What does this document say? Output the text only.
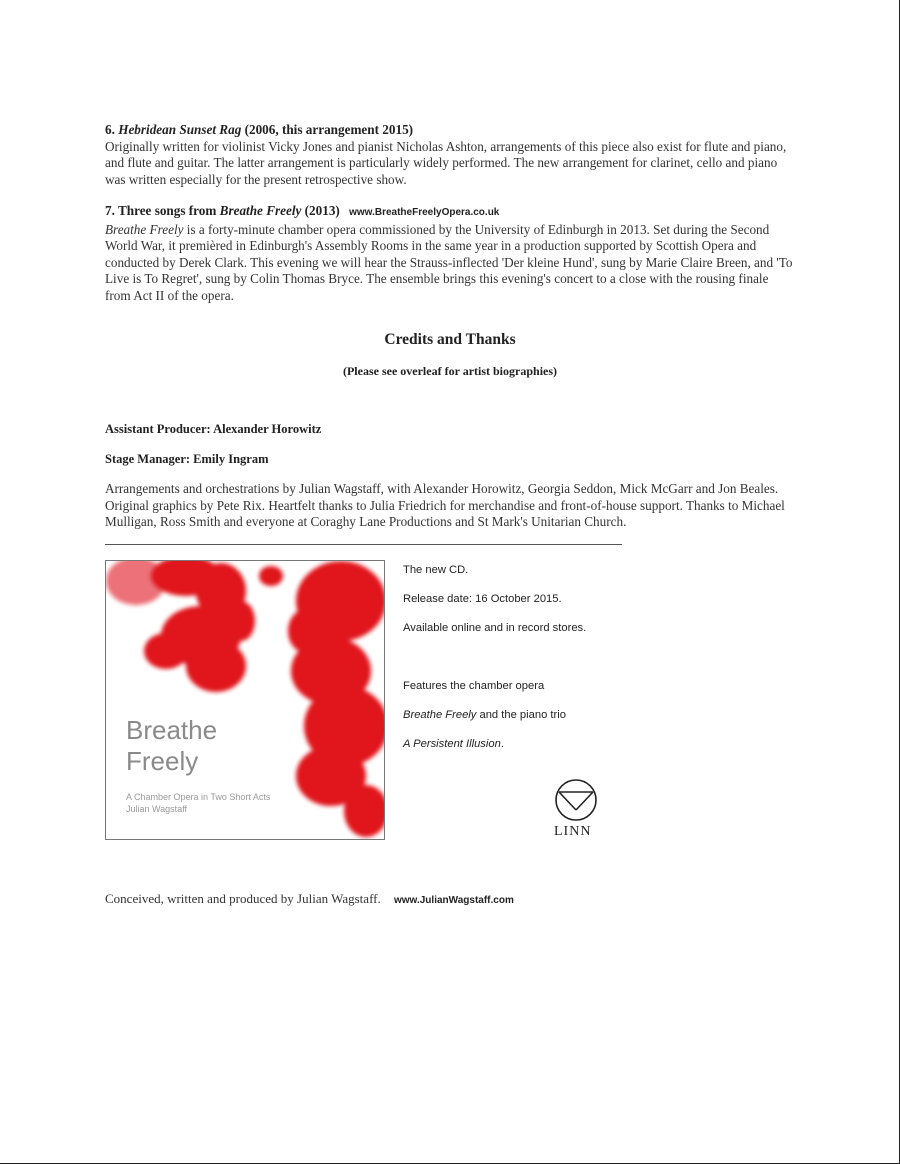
6. Hebridean Sunset Rag (2006, this arrangement 2015)
Originally written for violinist Vicky Jones and pianist Nicholas Ashton, arrangements of this piece also exist for flute and piano, and flute and guitar. The latter arrangement is particularly widely performed. The new arrangement for clarinet, cello and piano was written especially for the present retrospective show.
7. Three songs from Breathe Freely (2013) www.BreatheFreelyOpera.co.uk
Breathe Freely is a forty-minute chamber opera commissioned by the University of Edinburgh in 2013. Set during the Second World War, it premièred in Edinburgh's Assembly Rooms in the same year in a production supported by Scottish Opera and conducted by Derek Clark. This evening we will hear the Strauss-inflected 'Der kleine Hund', sung by Marie Claire Breen, and 'To Live is To Regret', sung by Colin Thomas Bryce. The ensemble brings this evening's concert to a close with the rousing finale from Act II of the opera.
Credits and Thanks
(Please see overleaf for artist biographies)
Assistant Producer: Alexander Horowitz
Stage Manager: Emily Ingram
Arrangements and orchestrations by Julian Wagstaff, with Alexander Horowitz, Georgia Seddon, Mick McGarr and Jon Beales. Original graphics by Pete Rix. Heartfelt thanks to Julia Friedrich for merchandise and front-of-house support. Thanks to Michael Mulligan, Ross Smith and everyone at Coraghy Lane Productions and St Mark's Unitarian Church.
Breathe
Freely
A Chamber Opera in Two Short Acts
Julian Wagstaff
The new CD.
Release date: 16 October 2015.
Available online and in record stores.
Features the chamber opera
Breathe Freely and the piano trio
A Persistent Illusion.
LINN
Conceived, written and produced by Julian Wagstaff. www.JulianWagstaff.com
